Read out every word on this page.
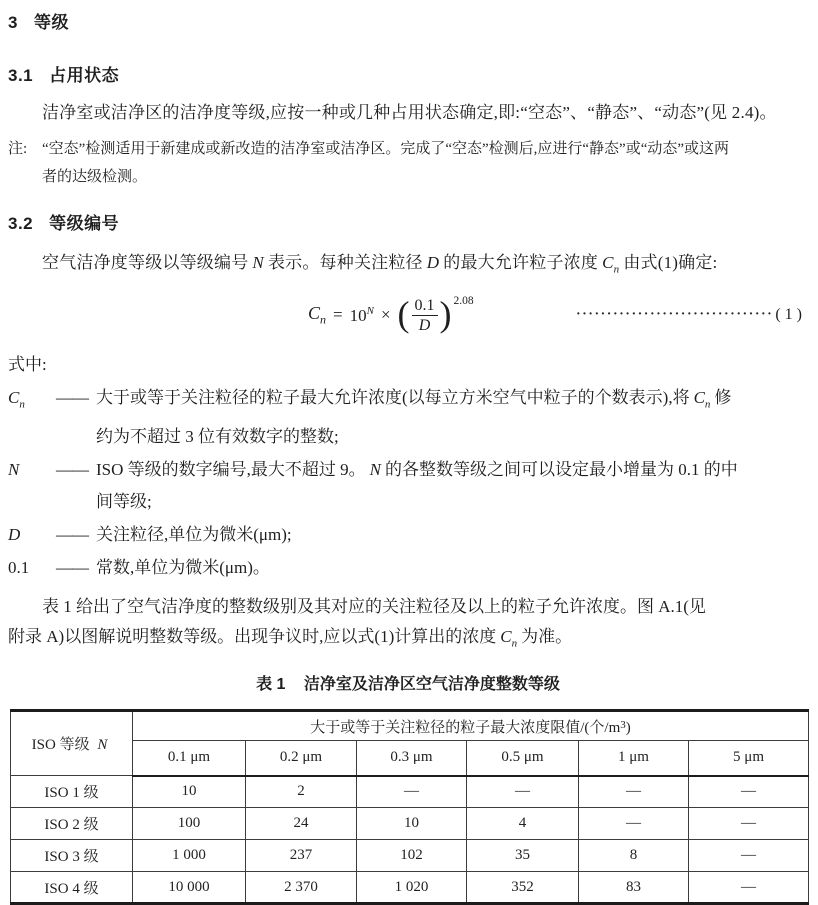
3 等级
3.1 占用状态
洁净室或洁净区的洁净度等级,应按一种或几种占用状态确定,即:“空态”、“静态”、“动态”(见 2.4)。
注: “空态”检测适用于新建成或新改造的洁净室或洁净区。完成了“空态”检测后,应进行“静态”或“动态”或这两
者的达级检测。
3.2 等级编号
空气洁净度等级以等级编号 N 表示。每种关注粒径 D 的最大允许粒子浓度 $C_n$ 由式(1)确定:
$C_n = 10^N$ × ( $\frac{0.1}{D}$ ) 2.08
································ ( 1 )
式中:
$C_n$	—— 大于或等于关注粒径的粒子最大允许浓度(以每立方米空气中粒子的个数表示),将 $C_n$ 修
约为不超过 3 位有效数字的整数;
N	—— ISO 等级的数字编号,最大不超过 9。 N 的各整数等级之间可以设定最小增量为 0.1 的中
间等级;
D	—— 关注粒径,单位为微米(μm);
0.1	—— 常数,单位为微米(μm)。
表 1 给出了空气洁净度的整数级别及其对应的关注粒径及以上的粒子允许浓度。图 A.1(见
附录 A)以图解说明整数等级。出现争议时,应以式(1)计算出的浓度 $C_n$ 为准。
表 1 洁净室及洁净区空气洁净度整数等级
ISO 等级 N	大于或等于关注粒径的粒子最大浓度限值/(个$/m^3$)					
	0.1 μm	0.2 μm	0.3 μm	0.5 μm	1 μm	5 μm
ISO 1 级	10	2	—	—	—	—
ISO 2 级	100	24	10	4	—	—
ISO 3 级	1 000	237	102	35	8	—
ISO 4 级	10 000	2 370	1 020	352	83	—
